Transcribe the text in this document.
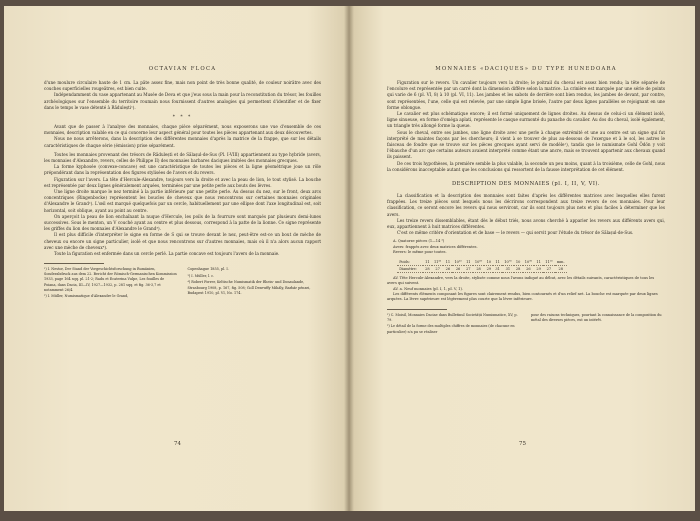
OCTAVIAN FLOCA

d'une moulure circulaire haute de 1 cm. La pâte assez fine, mais non point de très bonne qualité, de couleur noirâtre avec des couches superficielles rougeâtres, est bien cuite.

Indépendamment du vase appartenant au Musée de Deva et que j'eus sous la main pour la reconstitution du trésor, les fouilles archéologiques sur l'ensemble du territoire roumain nous fournissent d'autres analogies qui permettent d'identifier et de fixer dans le temps le vase détenté à Rădulești¹).

* * *

Avant que de passer à l'analyse des monnaies, chaque pièce séparément, nous exposerons une vue d'ensemble de ces monnaies, description valable en ce qui concerne leur aspect général pour toutes les pièces appartenant aux deux découvertes.

Nous ne nous arrêterons, dans la description des différentes monnaies d'après la matrice de la frappe, que sur les détails caractéristiques de chaque série (émission) prise séparément.

Toutes les monnaies provenant des trésors de Rădulești et de Sălașul-de-Sus (Pl. I-VIII) appartiennent au type hybride (avers, les monnaies d'Alexandre, revers, celles de Philippe II) des monnaies barbares daciques imitées des monnaies grecques.

La forme kyphosée (convexe-concave) est une caractéristique de toutes les pièces et la ligne géométrique joue un rôle prépondérant dans la représentation des figures stylisées de l'avers et du revers.

Figuration sur l'avers. La tête d'Hercule-Alexandre, toujours vers la droite et avec la peau de lion, le tout stylisé. La bouche est représentée par deux lignes généralement arquées, terminées par une petite perle aux bouts des lèvres.

Une ligne droite marque le nez terminé à la partie inférieure par une petite perle. Au dessus du nez, sur le front, deux arcs concentriques (Ringenbocke) représentent les boucles de cheveux que nous rencontrons sur certaines monnaies originales d'Alexandre le Grand²). L'œil est marqué quelquefois par un cercle, habituellement par une ellipse dont l'axe longitudinal est, soit horizontal, soit oblique, ayant au point au centre.

On aperçoit la peau de lion enchaînant la nuque d'Hercule, les poils de la fourrure sont marqués par plusieurs demi-lunes successives. Sous le menton, un V couché ayant au centre et plus dessous, correspond à la patte de la lionne. Ce signe représente les griffes du lion des monnaies d'Alexandre le Grand³).

Il est plus difficile d'interpréter le signe en forme de S qui se trouve devant le nez, peut-être est-ce un bout de mèche de cheveux ou encore un signe particulier, isolé et que nous rencontrons sur d'autres monnaies, mais où il n'a alors aucun rapport avec une mèche de cheveux⁴).

Toute la figuration est enfermée dans un cercle perlé. La partie concave est toujours l'avers de la monnaie.

¹) I. Nestor, Der Stand der Vorgeschichtsforschung in Rumänien, Sonderabdruck aus dem 22. Bericht der Römisch-Germanischen Kommission 1933, page 164 sqq. pl. 21-2; Radu et Ecaterina Vulpe, Les fouilles de Poiana, dans Dacia, III—IV, 1927—1932, p. 281 sqq. et fig. 36-3,7 et notamment 26/4.
²) I. Müller, Numismatique d'Alexandre le Grand,
Copenhague 1855, pl. I.
³) I. Müller, l. c.
⁴) Robert Forrer, Keltische Numismatik der Rhein- und Donaulande, Strasbourg 1908, p. 167, fig. 508; Goll Desewffy Mihály, Barbár pénzei, Budapest 1910, pl. VI, No. 174.
74
MONNAIES «DACIQUES» DU TYPE HUNEDOARA

Figuration sur le revers. Un cavalier toujours vers la droite; le poitrail du cheval est assez bien rendu; la tête séparée de l'encolure est représentée par un carré dont la dimension diffère selon la matrice. La crinière est marquée par une série de points qui varie de 6 (pl. VI, 8) à 10 (pl. VI, 11). Les jambes et les sabots de derrière sont bien rendus, les jambes de devant, par contre, sont représentées, l'une, celle qui est relevée, par une simple ligne brisée, l'autre par deux lignes parallèles se rejoignant en une forme oblongue.

Le cavalier est plus schématique encore; il est formé uniquement de lignes droites. Au dessus de celui-ci un élément isolé, ligne sinueuse, en forme d'oméga aplati, représente le casque surmonté du panache du cavalier. Au dos du cheval, isolé également, un triangle très allongé forme la queue.

Sous le cheval, entre ses jambes, une ligne droite avec une perle à chaque extrémité et une au centre est un signe qui fut interprété de maintes façons par les chercheurs; il vient à se trouver de plus au-dessous de l'exergue et à le sol, les astres le faisceau de foudre que se trouve sur les pièces grecques ayant servi de modèle¹), tandis que le numismate Gohl Ödön y voit l'ébauche d'un arc que certains auteurs avaient interprété comme étant une ancre, mais se trouvent appartenir aux chevaux quand ils paissent.

De ces trois hypothèses, la première semble la plus valable, la seconde un peu moins, quant à la troisième, celle de Gohl, nous la considérons inacceptable autant que les conclusions qui ressortent de la fausse interprétation de cet élément.

DESCRIPTION DES MONNAIES (pl. I, II, V, VI).

La classification et la description des monnaies sont faites d'après les différentes matrices avec lesquelles elles furent frappées. Les treize pièces sont lesquels nous les décrirons correspondent aux treize revers de ces monnaies. Pour leur classification, ce seront encore les revers qui nous serviront, car ils sont toujours plus nets et plus faciles à déterminer que les avers.

Les treize revers dissemblables, étant dès le début triés, nous avons cherché à apparier les revers aux différents avers qui, eux, appartiennent à huit matrices différentes.

C'est ce même critère d'orientation et de base — le revers — qui servit pour l'étude du trésor de Sălașul-de-Sus.

A. Quatorze pièces (1—14 ²)

Avers: frappés avec deux matrices différentes.

Revers: le même pour toutes.

Poids:	11	11³⁵	11	10⁵⁵	11	10⁶⁰	10	11	10⁷⁶	10	10⁹⁵	11	11¹⁸	mm.
Diamètre:	28	27	26	26	27	28	29	31	31	28	26	29	27	28

AV. Tête Hercule-Alexandre, vers la droite, stylisée comme nous l'avons indiqué au début, avec les détails suivants, caractéristiques de tous les avers qui suivent.

AV. a. Neuf monnaies (pl. I, 1, pl. V, 1).

Les différents éléments composant les figures sont clairement rendus, bien contournés et d'un relief net. La bouche est marquée par deux lignes arquées. La lèvre supérieure est légèrement plus courte que la lèvre inférieure.

¹) C. Moisil, Monnaies Daciae dans Bulletinul Societății Numismatice, XV, p. 79.
²) Le détail de la forme des multiples chiffres de monnaies (de chacune en particulier) n'a pu se réaliser
pour des raisons techniques, pourtant la connaissance de la composition du métal des diverses pièces, eut un intérêt.
75
